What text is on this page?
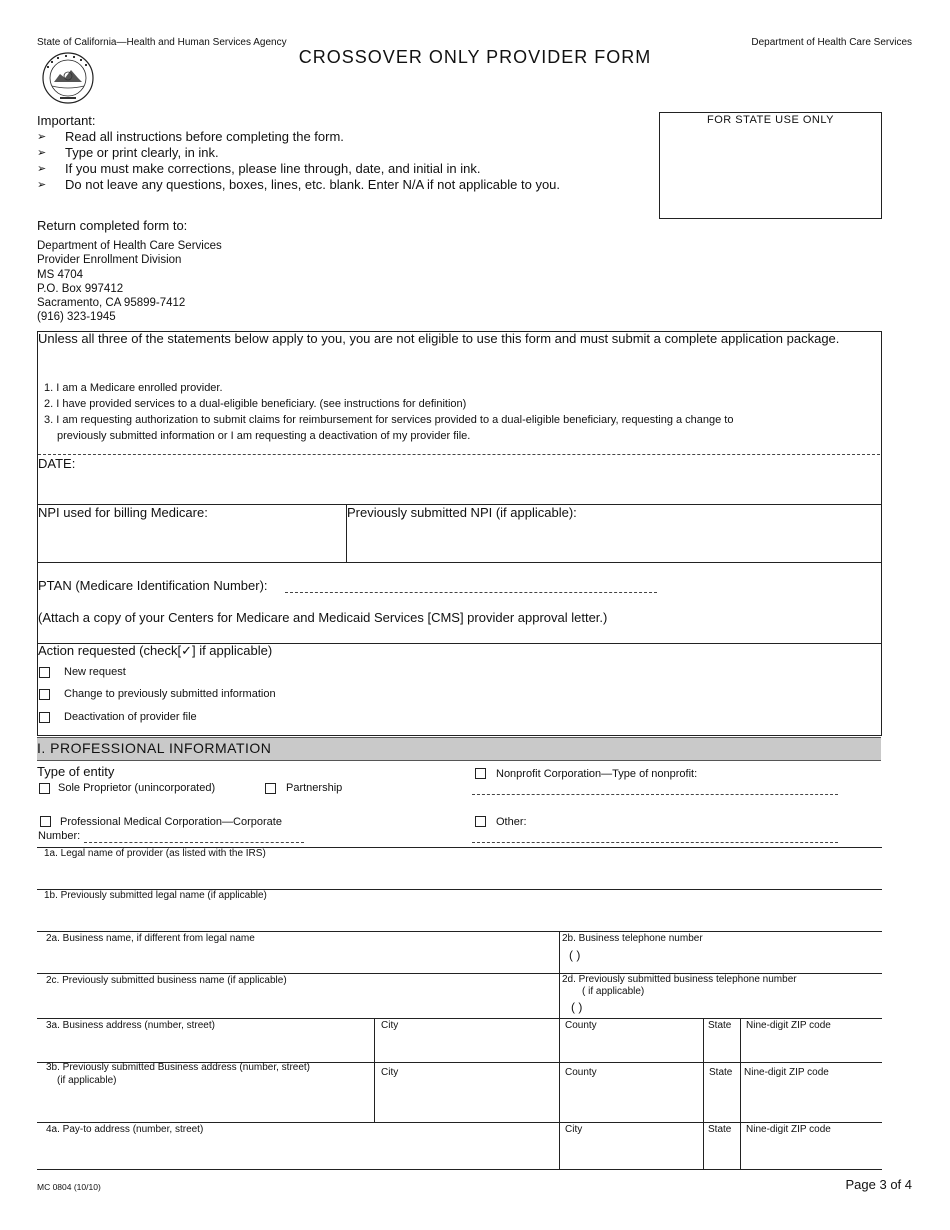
State of California—Health and Human Services Agency	Department of Health Care Services
CROSSOVER ONLY PROVIDER FORM
FOR STATE USE ONLY
Important:
➢ Read all instructions before completing the form.
➢ Type or print clearly, in ink.
➢ If you must make corrections, please line through, date, and initial in ink.
➢ Do not leave any questions, boxes, lines, etc. blank. Enter N/A if not applicable to you.
Return completed form to:
Department of Health Care Services
Provider Enrollment Division
MS 4704
P.O. Box 997412
Sacramento, CA 95899-7412
(916) 323-1945
Unless all three of the statements below apply to you, you are not eligible to use this form and must submit a complete application package.
1. I am a Medicare enrolled provider.
2. I have provided services to a dual-eligible beneficiary. (see instructions for definition)
3. I am requesting authorization to submit claims for reimbursement for services provided to a dual-eligible beneficiary, requesting a change to
previously submitted information or I am requesting a deactivation of my provider file.
DATE:
NPI used for billing Medicare:	Previously submitted NPI (if applicable):
PTAN (Medicare Identification Number):
(Attach a copy of your Centers for Medicare and Medicaid Services [CMS] provider approval letter.)
Action requested (check[✓] if applicable)
New request
Change to previously submitted information
Deactivation of provider file
I. PROFESSIONAL INFORMATION
Type of entity
Sole Proprietor (unincorporated)	Partnership
Professional Medical Corporation—Corporate
Number:
Nonprofit Corporation—Type of nonprofit:
Other:
1a. Legal name of provider (as listed with the IRS)
1b. Previously submitted legal name (if applicable)
2a. Business name, if different from legal name	2b. Business telephone number
( )
2c. Previously submitted business name (if applicable)	2d. Previously submitted business telephone number
( if applicable)
( )
3a. Business address (number, street)	City	County	State Nine-digit ZIP code
3b. Previously submitted Business address (number, street)
(if applicable)
City	County	State Nine-digit ZIP code
4a. Pay-to address (number, street)	City	State Nine-digit ZIP code
MC 0804 (10/10)	Page 3 of 4
